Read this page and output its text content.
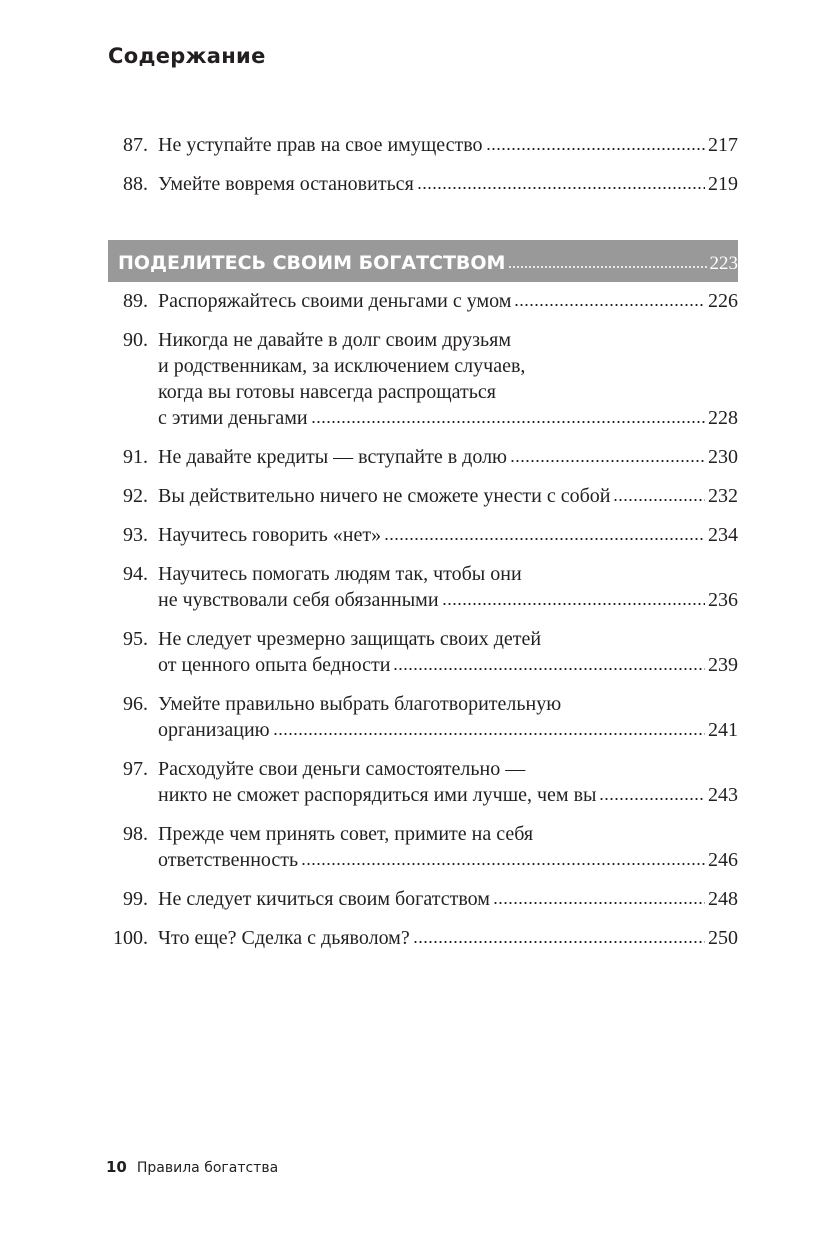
Содержание
87. Не уступайте прав на свое имущество	217
88. Умейте вовремя остановиться	219
ПОДЕЛИТЕСЬ СВОИМ БОГАТСТВОМ	223
89. Распоряжайтесь своими деньгами с умом	226
90. Никогда не давайте в долг своим друзьям
и родственникам, за исключением случаев,
когда вы готовы навсегда распрощаться
с этими деньгами	228
91. Не давайте кредиты — вступайте в долю	230
92. Вы действительно ничего не сможете унести с собой	232
93. Научитесь говорить «нет»	234
94. Научитесь помогать людям так, чтобы они
не чувствовали себя обязанными	236
95. Не следует чрезмерно защищать своих детей
от ценного опыта бедности	239
96. Умейте правильно выбрать благотворительную
организацию	241
97. Расходуйте свои деньги самостоятельно —
никто не сможет распорядиться ими лучше, чем вы	243
98. Прежде чем принять совет, примите на себя
ответственность	246
99. Не следует кичиться своим богатством	248
100. Что еще? Сделка с дьяволом?	250
10 Правила богатства
